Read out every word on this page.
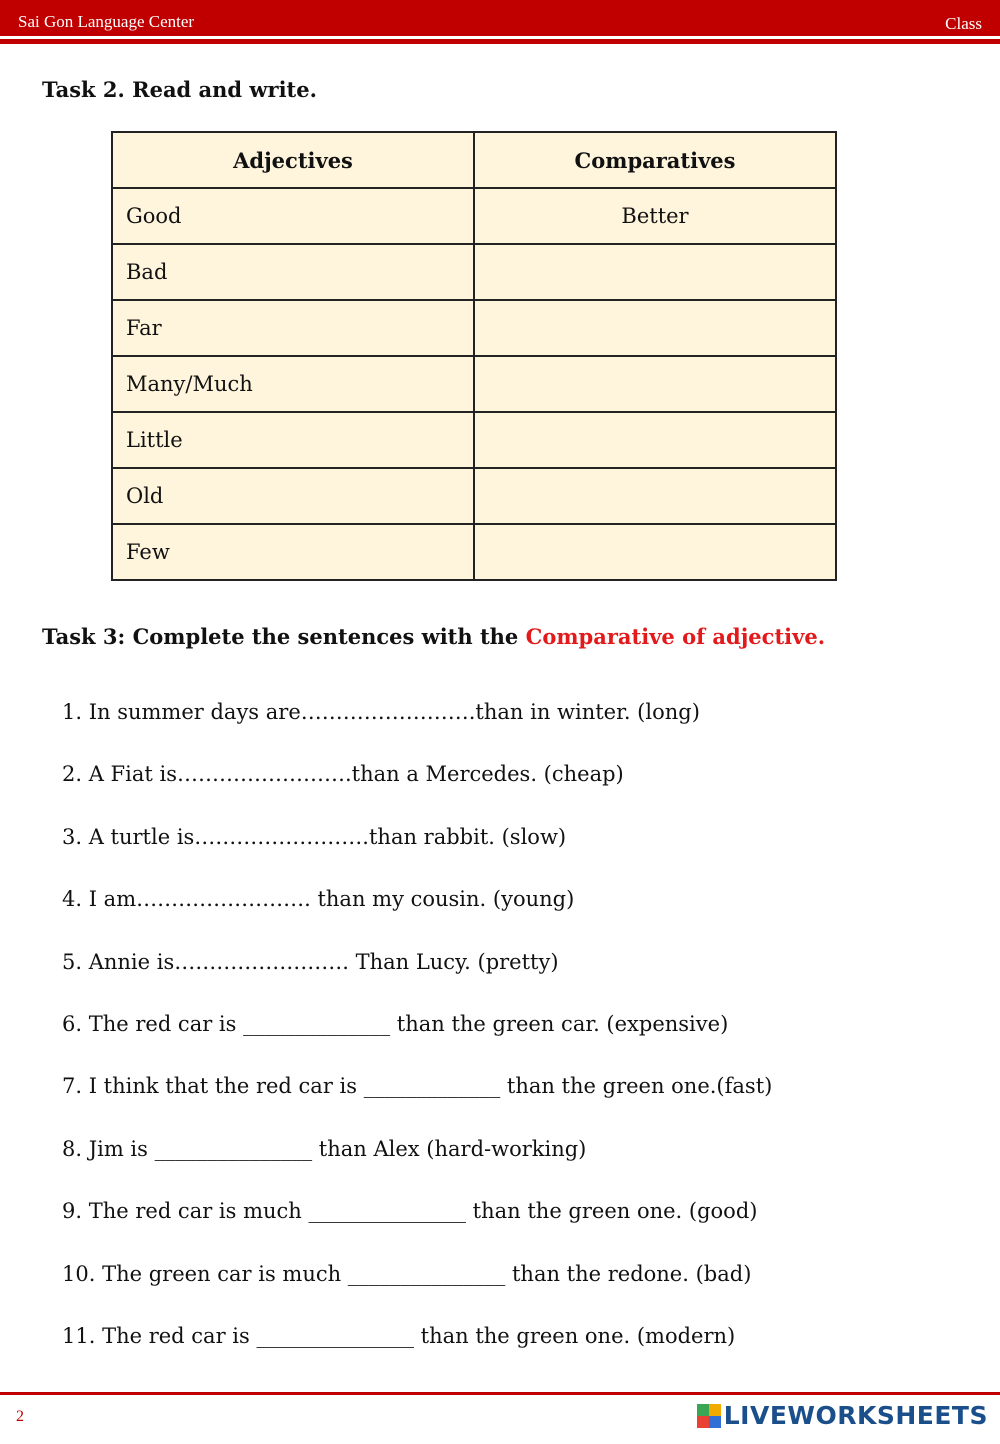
Sai Gon Language Center	Class
Task 2. Read and write.
Adjectives	Comparatives
Good	Better
Bad	
Far	
Many/Much	
Little	
Old	
Few	
Task 3: Complete the sentences with the Comparative of adjective.
1. In summer days are…………………….than in winter. (long)
2. A Fiat is…………………….than a Mercedes. (cheap)
3. A turtle is…………………….than rabbit. (slow)
4. I am……………………. than my cousin. (young)
5. Annie is……………………. Than Lucy. (pretty)
6. The red car is ______________ than the green car. (expensive)
7. I think that the red car is _____________ than the green one.(fast)
8. Jim is _______________ than Alex (hard-working)
9. The red car is much _______________ than the green one. (good)
10. The green car is much _______________ than the redone. (bad)
11. The red car is _______________ than the green one. (modern)
2	LIVEWORKSHEETS
